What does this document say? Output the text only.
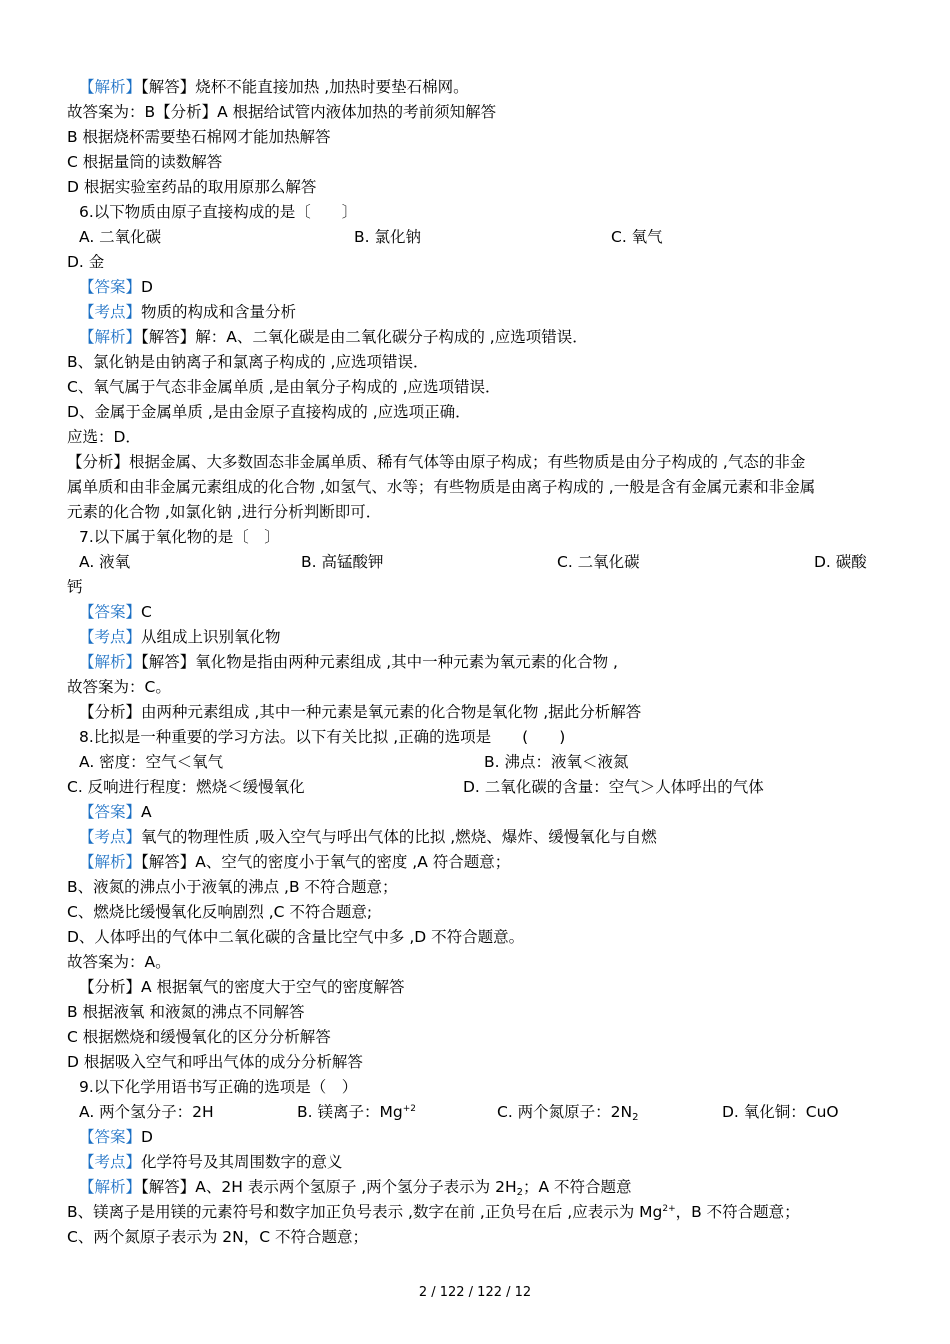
【解析】【解答】烧杯不能直接加热 ,加热时要垫石棉网。
故答案为：B【分析】A 根据给试管内液体加热的考前须知解答
B 根据烧杯需要垫石棉网才能加热解答
C 根据量筒的读数解答
D 根据实验室药品的取用原那么解答
6.以下物质由原子直接构成的是〔　　〕
A. 二氧化碳	B. 氯化钠	C. 氧气
D. 金
【答案】D
【考点】物质的构成和含量分析
【解析】【解答】解：A、二氧化碳是由二氧化碳分子构成的 ,应选项错误．
B、氯化钠是由钠离子和氯离子构成的 ,应选项错误．
C、氧气属于气态非金属单质 ,是由氧分子构成的 ,应选项错误．
D、金属于金属单质 ,是由金原子直接构成的 ,应选项正确．
应选：D．
【分析】根据金属、大多数固态非金属单质、稀有气体等由原子构成；有些物质是由分子构成的 ,气态的非金
属单质和由非金属元素组成的化合物 ,如氢气、水等；有些物质是由离子构成的 ,一般是含有金属元素和非金属
元素的化合物 ,如氯化钠 ,进行分析判断即可．
7.以下属于氧化物的是〔　〕
A. 液氧	B. 高锰酸钾	C. 二氧化碳	D. 碳酸
钙
【答案】C
【考点】从组成上识别氧化物
【解析】【解答】氧化物是指由两种元素组成 ,其中一种元素为氧元素的化合物 ,
故答案为：C。
【分析】由两种元素组成 ,其中一种元素是氧元素的化合物是氧化物 ,据此分析解答
8.比拟是一种重要的学习方法。以下有关比拟 ,正确的选项是　　(　　)
A. 密度：空气＜氧气	B. 沸点：液氧＜液氮
C. 反响进行程度：燃烧＜缓慢氧化	D. 二氧化碳的含量：空气＞人体呼出的气体
【答案】A
【考点】氧气的物理性质 ,吸入空气与呼出气体的比拟 ,燃烧、爆炸、缓慢氧化与自燃
【解析】【解答】A、空气的密度小于氧气的密度 ,A 符合题意；
B、液氮的沸点小于液氧的沸点 ,B 不符合题意；
C、燃烧比缓慢氧化反响剧烈 ,C 不符合题意;
D、人体呼出的气体中二氧化碳的含量比空气中多 ,D 不符合题意。
故答案为：A。
【分析】A 根据氧气的密度大于空气的密度解答
B 根据液氧 和液氮的沸点不同解答
C 根据燃烧和缓慢氧化的区分分析解答
D 根据吸入空气和呼出气体的成分分析解答
9.以下化学用语书写正确的选项是（　）
A. 两个氢分子：2H	B. 镁离子：$Mg^{+2}$	C. 两个氮原子：$2N_2$	D. 氧化铜：CuO
【答案】D
【考点】化学符号及其周围数字的意义
【解析】【解答】A、2H 表示两个氢原子 ,两个氢分子表示为 $2H_2$；A 不符合题意
B、镁离子是用镁的元素符号和数字加正负号表示 ,数字在前 ,正负号在后 ,应表示为 $Mg^{2+}$，B 不符合题意；
C、两个氮原子表示为 2N，C 不符合题意；
2 / 122 / 122 / 12
